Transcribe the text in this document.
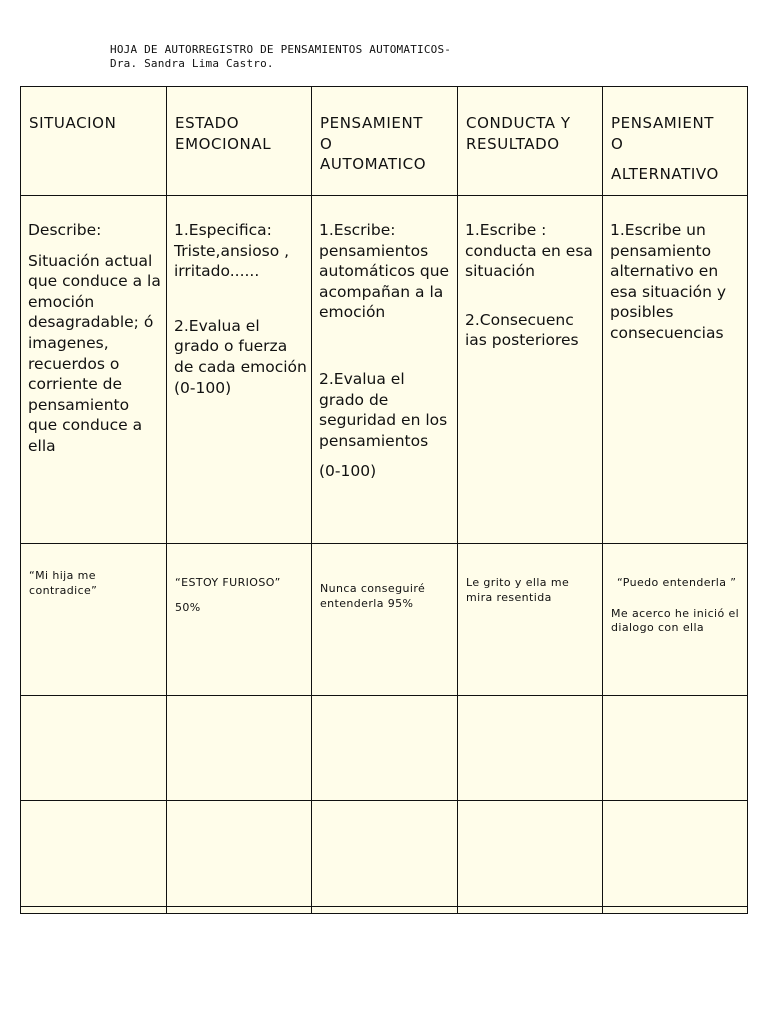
HOJA DE AUTORREGISTRO DE PENSAMIENTOS AUTOMATICOS-
Dra. Sandra Lima Castro.
SITUACION	ESTADO
EMOCIONAL
PENSAMIENT
O
AUTOMATICO
CONDUCTA Y
RESULTADO
PENSAMIENT
O
ALTERNATIVO

Describe:

Situación actual que conduce a la emoción desagradable; ó imagenes, recuerdos o corriente de pensamiento que conduce a ella

1.Especifica: Triste,ansioso , irritado......

2.Evalua el grado o fuerza de cada emoción (0-100)

1.Escribe: pensamientos automáticos que acompañan a la emoción

2.Evalua el grado de seguridad en los pensamientos

(0-100)

1.Escribe : conducta en esa situación

2.Consecuenc ias posteriores

1.Escribe un pensamiento alternativo en esa situación y posibles consecuencias

“Mi hija me contradice”

“ESTOY FURIOSO”

50%

Nunca conseguiré entenderla 95%

Le grito y ella me mira resentida

“Puedo entenderla ”

Me acerco he inició el dialogo con ella
